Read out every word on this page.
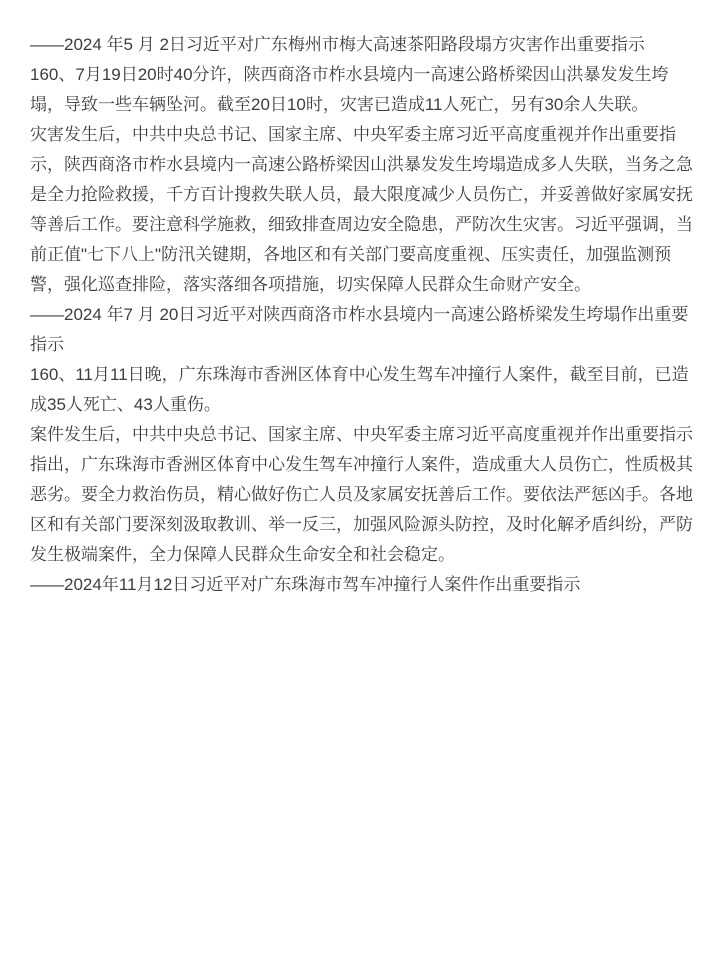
——2024 年5 月 2日习近平对广东梅州市梅大高速茶阳路段塌方灾害作出重要指示

160、7月19日20时40分许，陕西商洛市柞水县境内一高速公路桥梁因山洪暴发发生垮塌，导致一些车辆坠河。截至20日10时，灾害已造成11人死亡，另有30余人失联。

灾害发生后，中共中央总书记、国家主席、中央军委主席习近平高度重视并作出重要指示，陕西商洛市柞水县境内一高速公路桥梁因山洪暴发发生垮塌造成多人失联，当务之急是全力抢险救援，千方百计搜救失联人员，最大限度减少人员伤亡，并妥善做好家属安抚等善后工作。要注意科学施救，细致排查周边安全隐患，严防次生灾害。习近平强调，当前正值"七下八上"防汛关键期，各地区和有关部门要高度重视、压实责任，加强监测预警，强化巡查排险，落实落细各项措施，切实保障人民群众生命财产安全。

——2024 年7 月 20日习近平对陕西商洛市柞水县境内一高速公路桥梁发生垮塌作出重要指示

160、11月11日晚，广东珠海市香洲区体育中心发生驾车冲撞行人案件，截至目前，已造成35人死亡、43人重伤。

案件发生后，中共中央总书记、国家主席、中央军委主席习近平高度重视并作出重要指示指出，广东珠海市香洲区体育中心发生驾车冲撞行人案件，造成重大人员伤亡，性质极其恶劣。要全力救治伤员，精心做好伤亡人员及家属安抚善后工作。要依法严惩凶手。各地区和有关部门要深刻汲取教训、举一反三，加强风险源头防控，及时化解矛盾纠纷，严防发生极端案件，全力保障人民群众生命安全和社会稳定。

——2024年11月12日习近平对广东珠海市驾车冲撞行人案件作出重要指示
